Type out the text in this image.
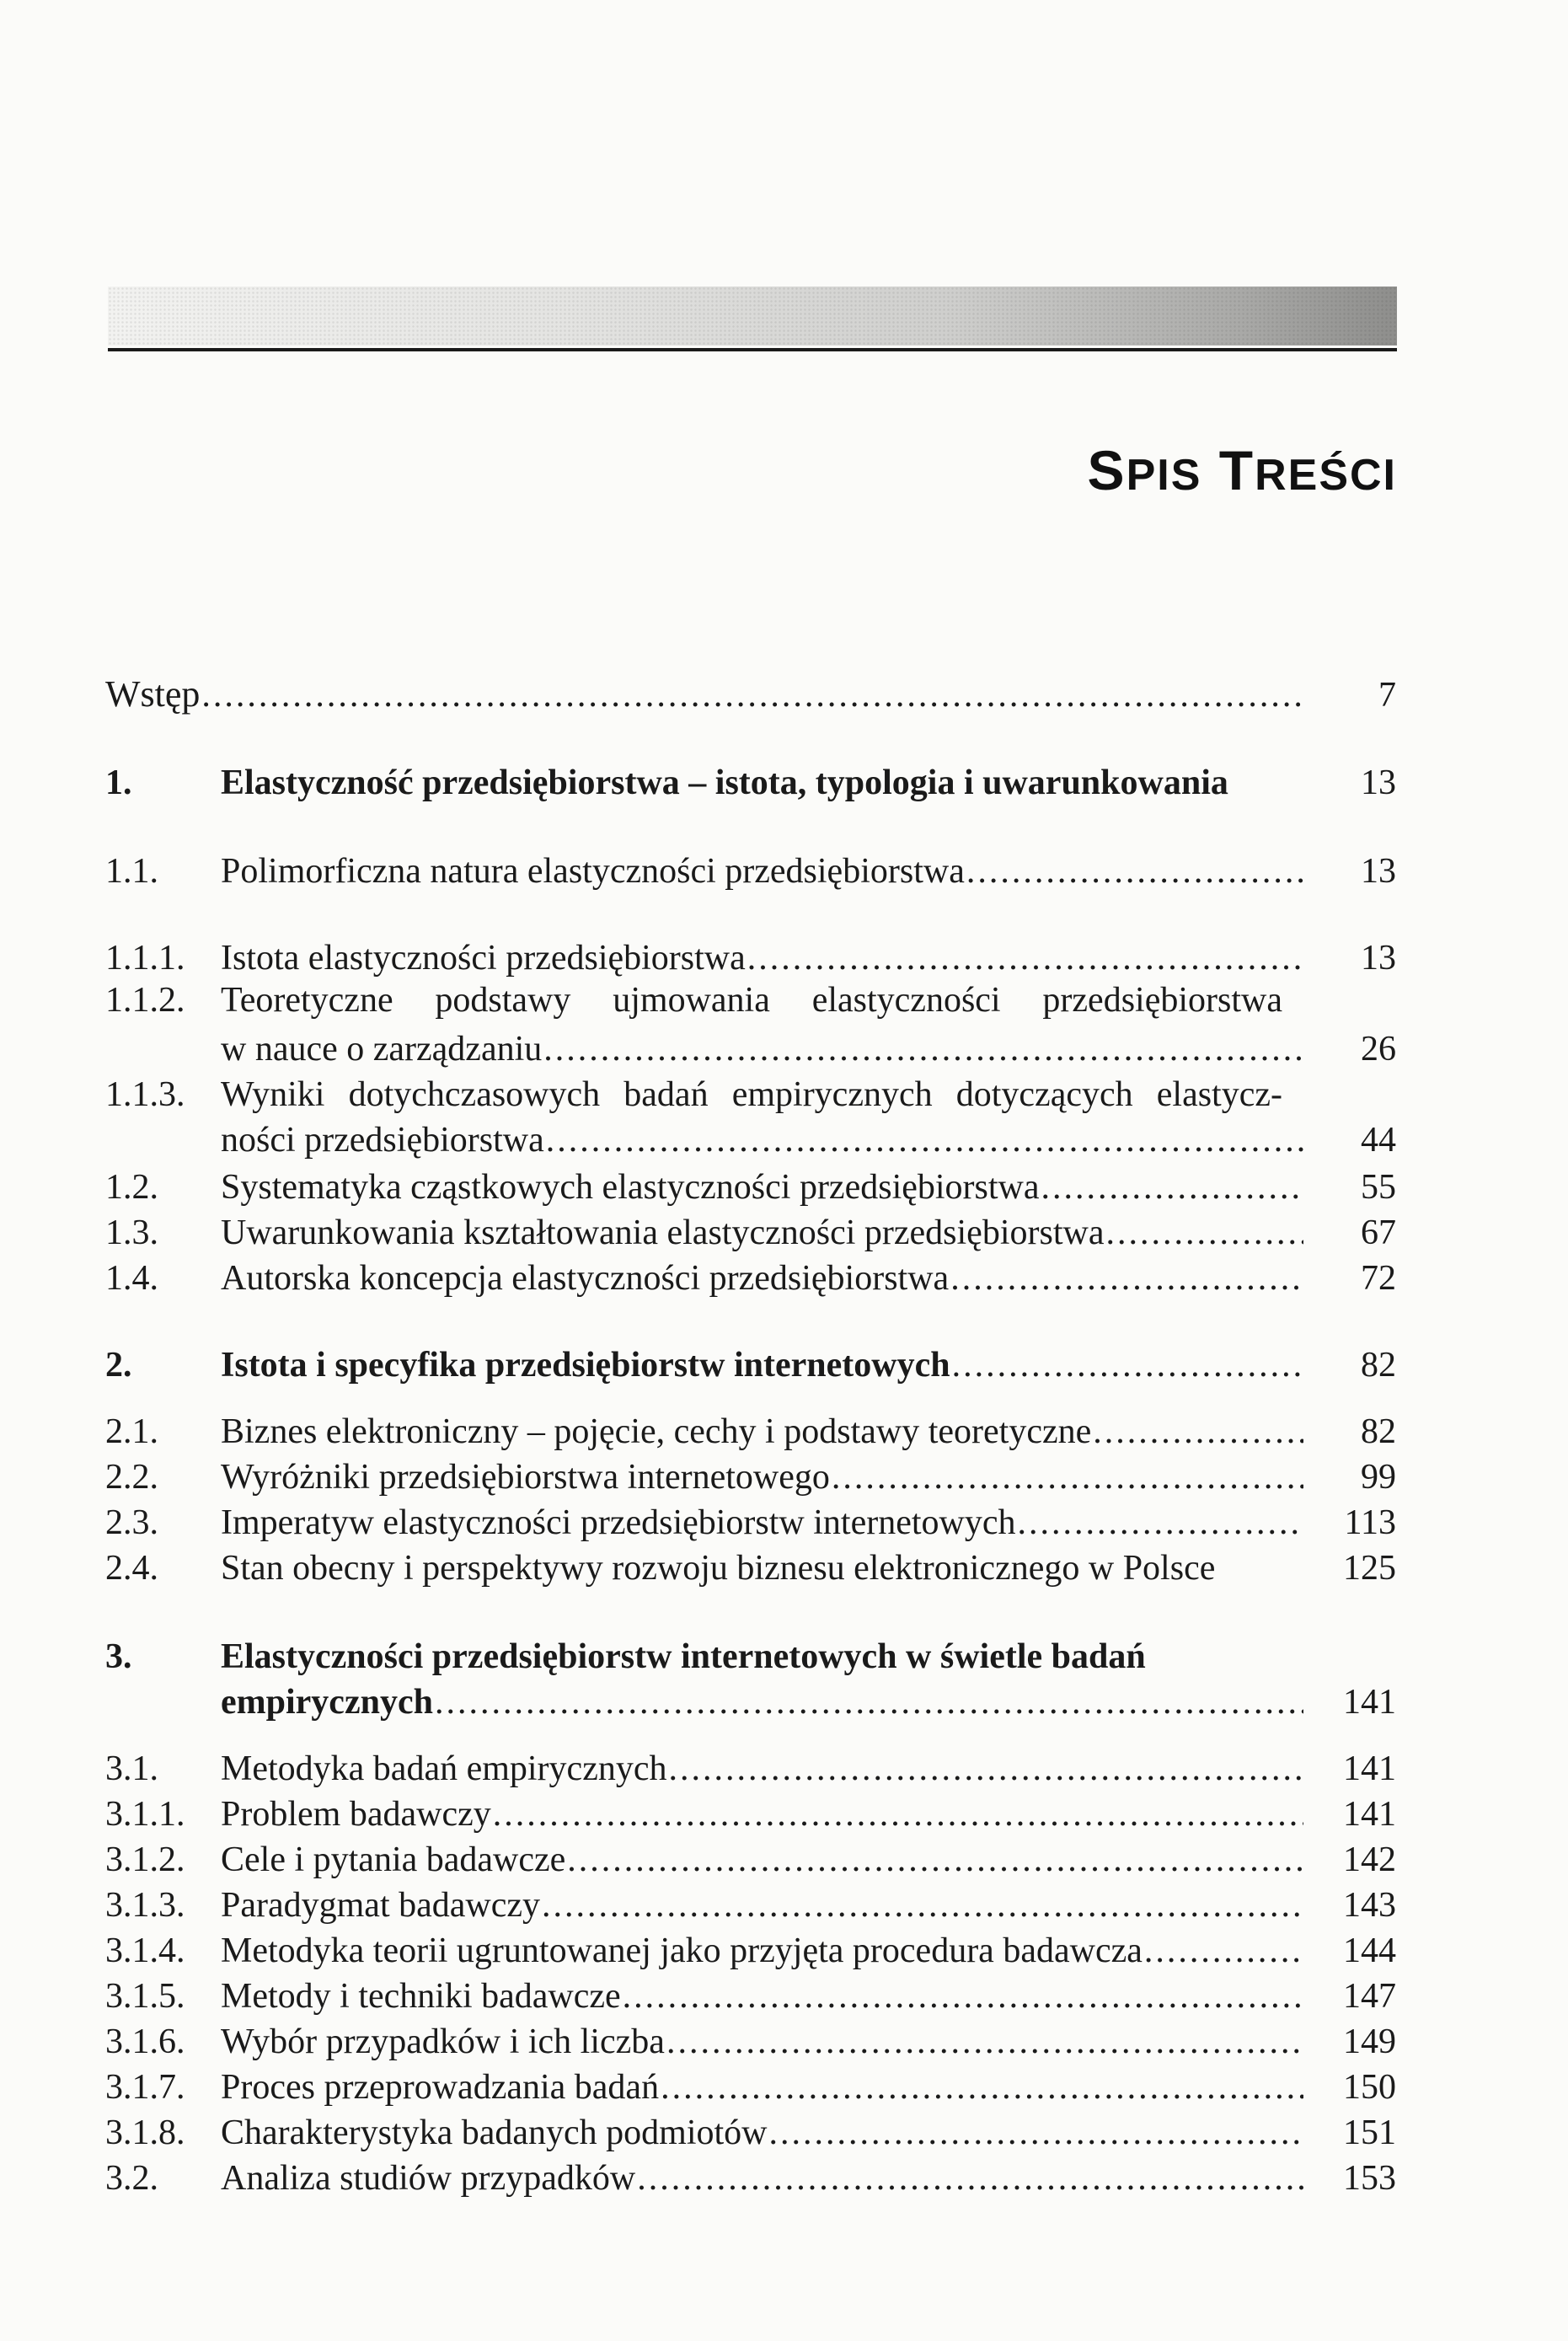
SPIS TREŚCI
Wstęp .....	7
1.	Elastyczność przedsiębiorstwa – istota, typologia i uwarunkowania	13
1.1. Polimorficzna natura elastyczności przedsiębiorstwa .....	13
1.1.1. Istota elastyczności przedsiębiorstwa .....	13
1.1.2. Teoretyczne podstawy ujmowania elastyczności przedsiębiorstwa
w nauce o zarządzaniu .....	26
1.1.3. Wyniki dotychczasowych badań empirycznych dotyczących elastycz-
ności przedsiębiorstwa .....	44
1.2. Systematyka cząstkowych elastyczności przedsiębiorstwa .....	55
1.3. Uwarunkowania kształtowania elastyczności przedsiębiorstwa .....	67
1.4. Autorska koncepcja elastyczności przedsiębiorstwa .....	72
2.	Istota i specyfika przedsiębiorstw internetowych .....	82
2.1. Biznes elektroniczny – pojęcie, cechy i podstawy teoretyczne .....	82
2.2. Wyróżniki przedsiębiorstwa internetowego .....	99
2.3. Imperatyw elastyczności przedsiębiorstw internetowych .....	113
2.4. Stan obecny i perspektywy rozwoju biznesu elektronicznego w Polsce	125
3.	Elastyczności przedsiębiorstw internetowych w świetle badań
empirycznych .....	141
3.1. Metodyka badań empirycznych .....	141
3.1.1. Problem badawczy .....	141
3.1.2. Cele i pytania badawcze .....	142
3.1.3. Paradygmat badawczy .....	143
3.1.4. Metodyka teorii ugruntowanej jako przyjęta procedura badawcza .....	144
3.1.5. Metody i techniki badawcze .....	147
3.1.6. Wybór przypadków i ich liczba .....	149
3.1.7. Proces przeprowadzania badań .....	150
3.1.8. Charakterystyka badanych podmiotów .....	151
3.2. Analiza studiów przypadków .....	153
